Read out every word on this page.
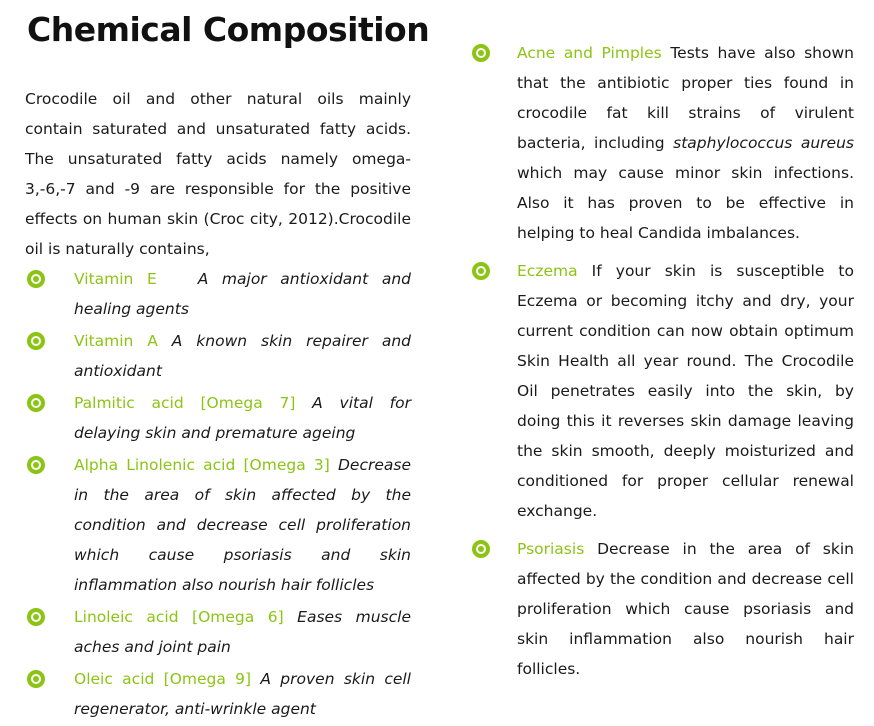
Chemical Composition

Crocodile oil and other natural oils mainly contain saturated and unsaturated fatty acids. The unsaturated fatty acids namely omega-3,-6,-7 and -9 are responsible for the positive effects on human skin (Croc city, 2012).Crocodile oil is naturally contains,

Vitamin E	A major antioxidant and healing agents
Vitamin A A known skin repairer and antioxidant
Palmitic acid [Omega 7] A vital for delaying skin and premature ageing
Alpha Linolenic acid [Omega 3] Decrease in the area of skin affected by the condition and decrease cell proliferation which cause psoriasis and skin inflammation also nourish hair follicles
Linoleic acid [Omega 6] Eases muscle aches and joint pain
Oleic acid [Omega 9] A proven skin cell regenerator, anti-wrinkle agent
Acne and Pimples Tests have also shown that the antibiotic proper ties found in crocodile fat kill strains of virulent bacteria, including staphylococcus aureus which may cause minor skin infections. Also it has proven to be effective in helping to heal Candida imbalances.
Eczema If your skin is susceptible to Eczema or becoming itchy and dry, your current condition can now obtain optimum Skin Health all year round. The Crocodile Oil penetrates easily into the skin, by doing this it reverses skin damage leaving the skin smooth, deeply moisturized and conditioned for proper cellular renewal exchange.
Psoriasis Decrease in the area of skin affected by the condition and decrease cell proliferation which cause psoriasis and skin inflammation also nourish hair follicles.
